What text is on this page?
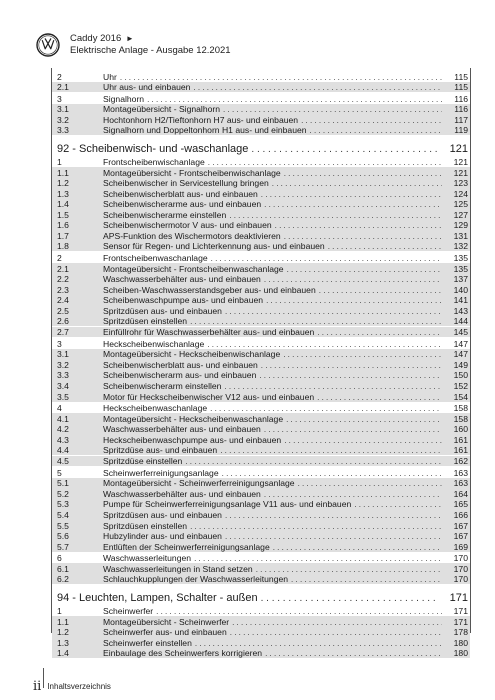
Caddy 2016 ►
Elektrische Anlage - Ausgabe 12.2021
2	Uhr . . .	115
2.1	Uhr aus- und einbauen . . .	115
3	Signalhorn . . .	116
3.1	Montageübersicht - Signalhorn . . .	116
3.2	Hochtonhorn H2/Tieftonhorn H7 aus- und einbauen . . .	117
3.3	Signalhorn und Doppeltonhorn H1 aus- und einbauen . . .	119
92 - Scheibenwisch- und -waschanlage . . .	121
1	Frontscheibenwischanlage . . .	121
1.1	Montageübersicht - Frontscheibenwischanlage . . .	121
1.2	Scheibenwischer in Servicestellung bringen . . .	123
1.3	Scheibenwischerblatt aus- und einbauen . . .	124
1.4	Scheibenwischerarme aus- und einbauen . . .	125
1.5	Scheibenwischerarme einstellen . . .	127
1.6	Scheibenwischermotor V aus- und einbauen . . .	129
1.7	APS-Funktion des Wischermotors deaktivieren . . .	131
1.8	Sensor für Regen- und Lichterkennung aus- und einbauen . . .	132
2	Frontscheibenwaschanlage . . .	135
2.1	Montageübersicht - Frontscheibenwaschanlage . . .	135
2.2	Waschwasserbehälter aus- und einbauen . . .	137
2.3	Scheiben-Waschwasserstandsgeber aus- und einbauen . . .	140
2.4	Scheibenwaschpumpe aus- und einbauen . . .	141
2.5	Spritzdüsen aus- und einbauen . . .	143
2.6	Spritzdüsen einstellen . . .	144
2.7	Einfüllrohr für Waschwasserbehälter aus- und einbauen . . .	145
3	Heckscheibenwischanlage . . .	147
3.1	Montageübersicht - Heckscheibenwischanlage . . .	147
3.2	Scheibenwischerblatt aus- und einbauen . . .	149
3.3	Scheibenwischerarm aus- und einbauen . . .	150
3.4	Scheibenwischerarm einstellen . . .	152
3.5	Motor für Heckscheibenwischer V12 aus- und einbauen . . .	154
4	Heckscheibenwaschanlage . . .	158
4.1	Montageübersicht - Heckscheibenwaschanlage . . .	158
4.2	Waschwasserbehälter aus- und einbauen . . .	160
4.3	Heckscheibenwaschpumpe aus- und einbauen . . .	161
4.4	Spritzdüse aus- und einbauen . . .	161
4.5	Spritzdüse einstellen . . .	162
5	Scheinwerferreinigungsanlage . . .	163
5.1	Montageübersicht - Scheinwerferreinigungsanlage . . .	163
5.2	Waschwasserbehälter aus- und einbauen . . .	164
5.3	Pumpe für Scheinwerferreinigungsanlage V11 aus- und einbauen . . .	165
5.4	Spritzdüsen aus- und einbauen . . .	166
5.5	Spritzdüsen einstellen . . .	167
5.6	Hubzylinder aus- und einbauen . . .	167
5.7	Entlüften der Scheinwerferreinigungsanlage . . .	169
6	Waschwasserleitungen . . .	170
6.1	Waschwasserleitungen in Stand setzen . . .	170
6.2	Schlauchkupplungen der Waschwasserleitungen . . .	170
94 - Leuchten, Lampen, Schalter - außen . . .	171
1	Scheinwerfer . . .	171
1.1	Montageübersicht - Scheinwerfer . . .	171
1.2	Scheinwerfer aus- und einbauen . . .	178
1.3	Scheinwerfer einstellen . . .	180
1.4	Einbaulage des Scheinwerfers korrigieren . . .	180
ii Inhaltsverzeichnis
